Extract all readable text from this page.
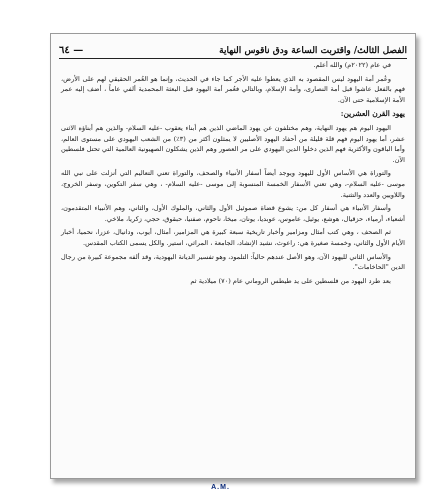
الفصل الثالث/ واقتربت الساعة ودق ناقوس النهاية
— ٦٤

في عام (٢٠٢٢م) والله أعلم.

وعُمر أمة اليهود ليس المقصود به الذي يعطوا عليه الأجر كما جاء في الحديث، وإنما هو العُمر الحقيقي لهم على الأرض، فهم بالفعل عاشوا قبل أمة النصارى، وأمة الإسلام، وبالتالي فعُمر أمة اليهود قبل البعثة المحمدية ألفي عاماً ، أضف إليه عمر الأمة الإسلامية حتى الآن.

يهود القرن العشرين:

اليهود اليوم هم يهود النهاية، وهم مختلفون عن يهود الماضي الذين هم أبناء يعقوب -عليه السلام- والذين هم أبناؤه الاثنى عشر، أما يهود اليوم فهم قلة قليلة من أحفاد اليهود الأصليين لا يمثلون أكثر من (٣٪) من الشعب اليهودي على مستوى العالم، وأما الباقون والأكثرية فهم الذين دخلوا الدين اليهودي على مر العصور وهم الذين يشكلون الصهيونية العالمية التي تحتل فلسطين الآن.

والتوراة هي الأساس الأول لليهود ويوجد أيضاً أسفار الأنبياء والصحف، والتوراة تعني التعاليم التي أنزلت على نبي الله موسى -عليه السلام-، وهي تعني الأسفار الخمسة المنسوبة إلى موسى -عليه السلام- ، وهي سفر التكوين، وسفر الخروج، واللاويين والعدد والتثنية.

وأسفار الأنبياء هي أسفار كل من: يشوع قضاة صموئيل الأول والثاني، والملوك الأول، والثاني، وهم الأنبياء المتقدمون، أشعياء، أرمياء، حزقيال، هوشع، يوئيل، عاموس، عوبديا، يونان، ميخا، ناحوم، صفنيا، حبقوق، حجي، زكريا، ملاخي.

ثم الصحف ، وهي كتب أمثال ومزامير وأخبار تاريخية سبعة كبيرة هي المزامير، أمثال، أيوب، ودانيال، عزرا، نحميا، أخبار الأيام الأول والثاني، وخمسة صغيرة هي: راعوث، نشيد الإنشاد، الجامعة ، المراثي، استير. والكل يسمى الكتاب المقدس.

والأساس الثاني لليهود الآن، وهو الأصل عندهم حالياً: التلمود، وهو تفسير الديانة اليهودية، وقد ألفه مجموعة كبيرة من رجال الدين "الحاخامات".

بعد طرد اليهود من فلسطين على يد طيطس الروماني عام (٧٠) ميلادية ثم

A.M.
